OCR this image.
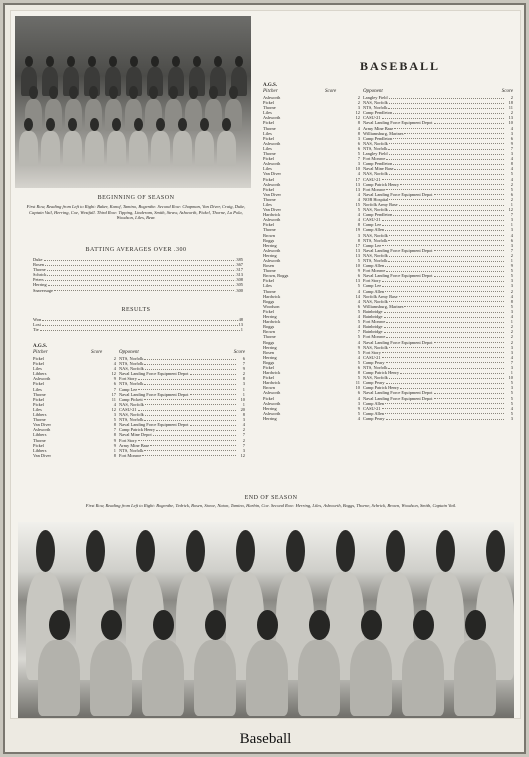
BASEBALL
BEGINNING OF SEASON
First Row, Reading from Left to Right: Baker, Kanof, Tamino, Bogenthe. Second Row: Chapman, Van Diver, Craig, Duke, Captain Vail, Herring, Coe, Westfall. Third Row: Tipping, Linderam, Smith, Straw, Ashworth, Pickel, Thorne, La Pola, Woodson, Liles, Bear.
BATTING AVERAGES OVER .300
Duke	.385
Bosen	.367
Thorne	.317
Schrick	.313
Peters	.308
Herring	.305
Snaversage	.300
RESULTS
Won	48
Lost	13
Tie	1
A.G.S.
Pitcher	Score	Opponent	Score
Pickel	2 NTS, Norfolk	6
Pickel	4 NTS, Norfolk	7
Liles	4 NAS, Norfolk	9
Libbers	12 Naval Landing Force Equipment Depot	2
Ashworth	9 Fort Story	8
Pickel	6 NTS, Norfolk	3
Liles	7 Camp Lee	1
Thorne	17 Naval Landing Force Equipment Depot	1
Pickel	11 Camp Pickett	10
Pickel	4 NAS, Norfolk	1
Liles	12 CASU-21	20
Libbers	3 NAS, Norfolk	8
Thorne	5 NTS, Norfolk	3
Van Diver	8 Naval Landing Force Equipment Depot	4
Ashworth	7 Camp Patrick Henry	2
Libbers	8 Naval Mine Depot	7
Thorne	9 Fort Story	2
Pickel	9 Army Mine Base	7
Libbers	1 NTS, Norfolk	3
Van Diver	8 Fort Monroe	12
A.G.S.
Pitcher	Score	Opponent	Score
Ashworth	2 Langley Field	2
Pickel	2 NAS, Norfolk	18
Thorne	3 NTS, Norfolk	11
Liles	12 Camp Pendleton	2
Ashworth	12 CASU-21	13
Pickel	8 Naval Landing Force Equipment Depot	10
Thorne	4 Army Mine Base	4
Liles	8 Williamsburg, Marines	3
Pickel	3 Camp Pendleton	6
Ashworth	6 NAS, Norfolk	9
Liles	6 NTS, Norfolk	7
Thorne	5 Langley Field	3
Pickel	7 Fort Monroe	4
Ashworth	3 Camp Pendleton	8
Liles	10 Naval Mine Base	4
Van Diver	4 NAS, Norfolk	5
Pickel	17 CASU-21	4
Ashworth	13 Camp Patrick Henry	2
Pickel	13 Fort Monroe	5
Van Diver	4 Naval Landing Force Equipment Depot	6
Thorne	4 NOB Hospital	2
Liles	15 Norfolk Army Base	1
Van Diver	5 NAS, Norfolk	12
Hardwick	4 Camp Pendleton	7
Ashworth	4 CASU-21	3
Pickel	8 Camp Lee	1
Thorne	19 Camp Allen	3
Brown	3 NAS, Norfolk	4
Boggs	8 NTS, Norfolk	6
Herring	17 Camp Lee	3
Ashworth	13 Naval Landing Force Equipment Depot	7
Herring	13 NAS, Norfolk	2
Ashworth	5 NTS, Norfolk	1
Bosen	10 Camp Allen	9
Thorne	9 Fort Monroe	5
Brown, Boggs	6 Naval Landing Force Equipment Depot	5
Pickel	13 Fort Story	3
Liles	5 Camp Lee	3
Thorne	4 Camp Allen	2
Hardwick	14 Norfolk Army Base	4
Boggs	4 NAS, Norfolk	8
Woodson	6 Williamsburg, Marines	5
Pickel	5 Bainbridge	3
Herring	4 Bainbridge	4
Hardwick	5 Fort Monroe	1
Boggs	4 Bainbridge	2
Brown	7 Bainbridge	2
Thorne	5 Fort Monroe	2
Boggs	4 Naval Landing Force Equipment Depot	2
Herring	9 NAS, Norfolk	3
Bosen	5 Fort Story	3
Herring	4 CASU-21	4
Boggs	5 Camp Peary	7
Pickel	6 NTS, Norfolk	3
Hardwick	8 Camp Patrick Henry	1
Pickel	5 NAS, Norfolk	10
Hardwick	11 Camp Peary	5
Brown	10 Camp Patrick Henry	3
Ashworth	6 Naval Landing Force Equipment Depot	5
Pickel	4 Naval Landing Force Equipment Depot	5
Ashworth	3 Camp Allen	5
Herring	9 CASU-21	4
Ashworth	5 Camp Allen	5
Herring	4 Camp Peary	3
END OF SEASON
First Row, Reading from Left to Right: Bogenthe, Tedrick, Bosen, Stowe, Naton, Tamino, Harbin, Coe. Second Row: Herring, Liles, Ashworth, Boggs, Thorne, Schrick, Brown, Woodson, Smith, Captain Vail.
Baseball
